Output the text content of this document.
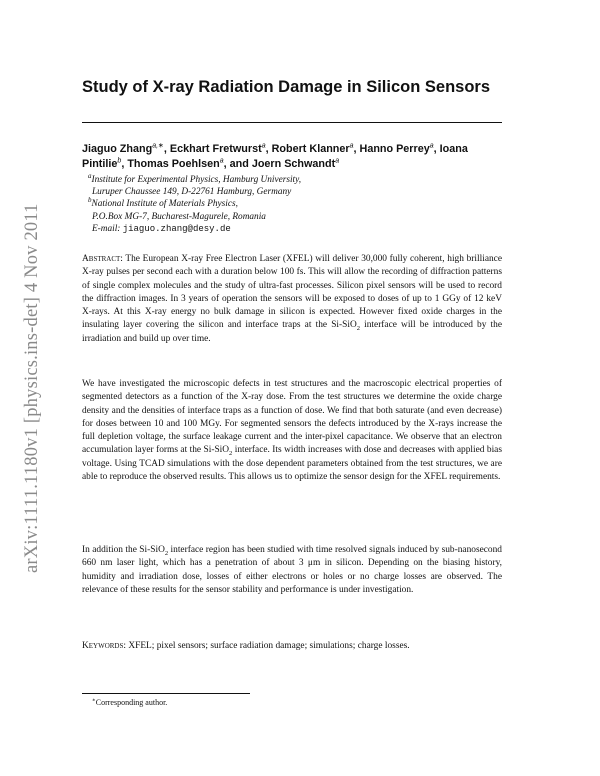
arXiv:1111.1180v1 [physics.ins-det] 4 Nov 2011
Study of X-ray Radiation Damage in Silicon Sensors
Jiaguo Zhang$^{a,∗}$, Eckhart Fretwurst$^a$, Robert Klanner$^a$, Hanno Perrey$^a$, Ioana
Pintilie$^b$, Thomas Poehlsen$^a$, and Joern Schwandt$^a$
$^a$Institute for Experimental Physics, Hamburg University,
Luruper Chaussee 149, D-22761 Hamburg, Germany
$^b$National Institute of Materials Physics,
P.O.Box MG-7, Bucharest-Magurele, Romania
E-mail: jiaguo.zhang@desy.de

Abstract: The European X-ray Free Electron Laser (XFEL) will deliver 30,000 fully coherent, high brilliance X-ray pulses per second each with a duration below 100 fs. This will allow the recording of diffraction patterns of single complex molecules and the study of ultra-fast processes. Silicon pixel sensors will be used to record the diffraction images. In 3 years of operation the sensors will be exposed to doses of up to 1 GGy of 12 keV X-rays. At this X-ray energy no bulk damage in silicon is expected. However fixed oxide charges in the insulating layer covering the silicon and interface traps at the Si-SiO$_2$ interface will be introduced by the irradiation and build up over time.

We have investigated the microscopic defects in test structures and the macroscopic electrical properties of segmented detectors as a function of the X-ray dose. From the test structures we determine the oxide charge density and the densities of interface traps as a function of dose. We find that both saturate (and even decrease) for doses between 10 and 100 MGy. For segmented sensors the defects introduced by the X-rays increase the full depletion voltage, the surface leakage current and the inter-pixel capacitance. We observe that an electron accumulation layer forms at the Si-SiO$_2$ interface. Its width increases with dose and decreases with applied bias voltage. Using TCAD simulations with the dose dependent parameters obtained from the test structures, we are able to reproduce the observed results. This allows us to optimize the sensor design for the XFEL requirements.

In addition the Si-SiO$_2$ interface region has been studied with time resolved signals induced by sub-nanosecond 660 nm laser light, which has a penetration of about 3 μm in silicon. Depending on the biasing history, humidity and irradiation dose, losses of either electrons or holes or no charge losses are observed. The relevance of these results for the sensor stability and performance is under investigation.

Keywords: XFEL; pixel sensors; surface radiation damage; simulations; charge losses.

∗Corresponding author.
